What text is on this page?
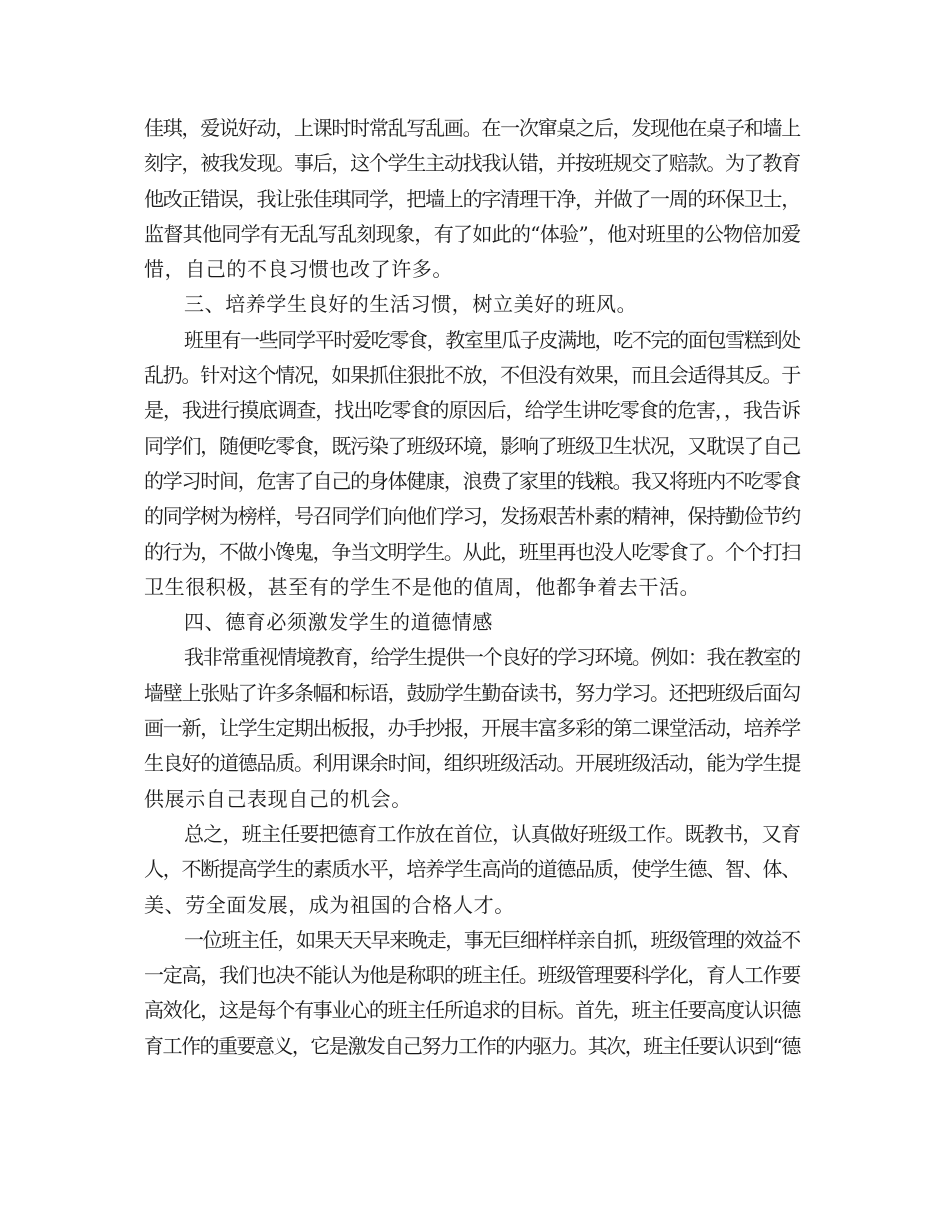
佳琪，爱说好动，上课时时常乱写乱画。在一次窜桌之后，发现他在桌子和墙上
刻字，被我发现。事后，这个学生主动找我认错，并按班规交了赔款。为了教育
他改正错误，我让张佳琪同学，把墙上的字清理干净，并做了一周的环保卫士，
监督其他同学有无乱写乱刻现象，有了如此的“体验”，他对班里的公物倍加爱
惜，自己的不良习惯也改了许多。
三、培养学生良好的生活习惯，树立美好的班风。
班里有一些同学平时爱吃零食，教室里瓜子皮满地，吃不完的面包雪糕到处
乱扔。针对这个情况，如果抓住狠批不放，不但没有效果，而且会适得其反。于
是，我进行摸底调查，找出吃零食的原因后，给学生讲吃零食的危害，，我告诉
同学们，随便吃零食，既污染了班级环境，影响了班级卫生状况，又耽误了自己
的学习时间，危害了自己的身体健康，浪费了家里的钱粮。我又将班内不吃零食
的同学树为榜样，号召同学们向他们学习，发扬艰苦朴素的精神，保持勤俭节约
的行为，不做小馋鬼，争当文明学生。从此，班里再也没人吃零食了。个个打扫
卫生很积极，甚至有的学生不是他的值周，他都争着去干活。
四、德育必须激发学生的道德情感
我非常重视情境教育，给学生提供一个良好的学习环境。例如：我在教室的
墙壁上张贴了许多条幅和标语，鼓励学生勤奋读书，努力学习。还把班级后面勾
画一新，让学生定期出板报，办手抄报，开展丰富多彩的第二课堂活动，培养学
生良好的道德品质。利用课余时间，组织班级活动。开展班级活动，能为学生提
供展示自己表现自己的机会。
总之，班主任要把德育工作放在首位，认真做好班级工作。既教书，又育
人，不断提高学生的素质水平，培养学生高尚的道德品质，使学生德、智、体、
美、劳全面发展，成为祖国的合格人才。
一位班主任，如果天天早来晚走，事无巨细样样亲自抓，班级管理的效益不
一定高，我们也决不能认为他是称职的班主任。班级管理要科学化，育人工作要
高效化，这是每个有事业心的班主任所追求的目标。首先，班主任要高度认识德
育工作的重要意义，它是激发自己努力工作的内驱力。其次，班主任要认识到“德
